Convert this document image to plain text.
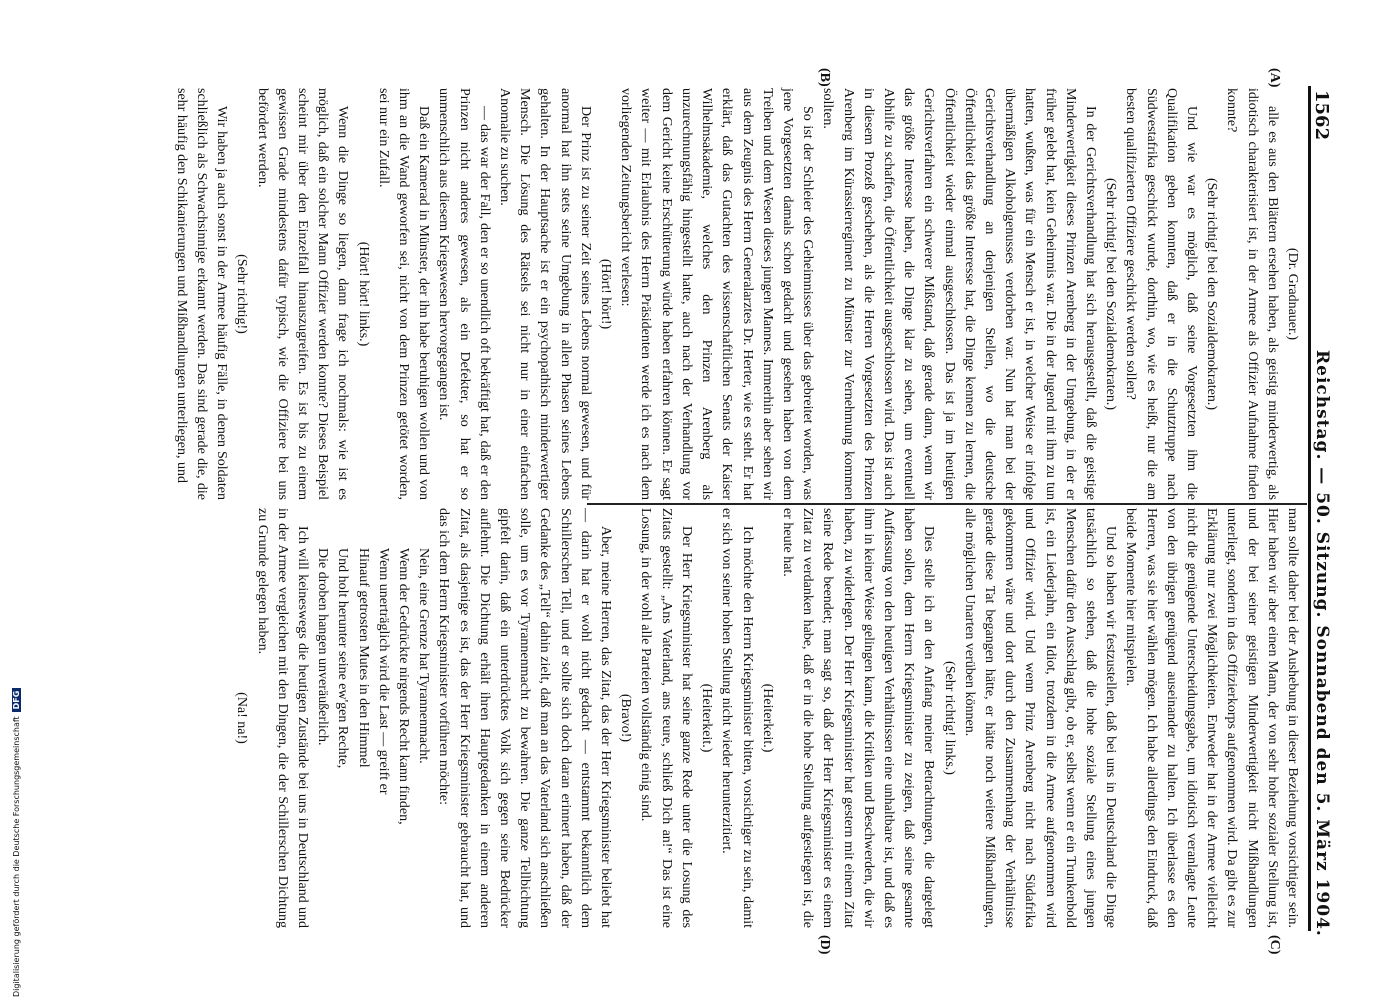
1562
Reichstag. — 50. Sitzung. Sonnabend den 5. März 1904.
(A)
(B)
(C)
(D)

(Dr. Gradnauer.)

alle es aus den Blättern ersehen haben, als geistig minderwertig, als idiotisch charakterisiert ist, in der Armee als Offizier Aufnahme finden konnte?

(Sehr richtig! bei den Sozialdemokraten.)

Und wie war es möglich, daß seine Vorgesetzten ihm die Qualifikation geben konnten, daß er in die Schutztruppe nach Südwestafrika geschickt wurde, dorthin, wo, wie es heißt, nur die am besten qualifizierten Offiziere geschickt werden sollen?

(Sehr richtig! bei den Sozialdemokraten.)

In der Gerichtsverhandlung hat sich herausgestellt, daß die geistige Minderwertigkeit dieses Prinzen Arenberg in der Umgebung, in der er früher gelebt hat, kein Geheimnis war. Die in der Jugend mit ihm zu tun hatten, wußten, was für ein Mensch er ist, in welcher Weise er infolge übermäßigen Alkoholgenusses verdorben war. Nun hat man bei der Gerichtsverhandlung an denjenigen Stellen, wo die deutsche Öffentlichkeit das größte Interesse hat, die Dinge kennen zu lernen, die Öffentlichkeit wieder einmal ausgeschlossen. Das ist ja im heutigen Gerichtsverfahren ein schwerer Mißstand, daß gerade dann, wenn wir das größte Interesse haben, die Dinge klar zu sehen, um eventuell Abhilfe zu schaffen, die Öffentlichkeit ausgeschlossen wird. Das ist auch in diesem Prozeß geschehen, als die Herren Vorgesetzten des Prinzen Arenberg im Kürassierregiment zu Münster zur Vernehmung kommen sollten.

So ist der Schleier des Geheimnisses über das gebreitet worden, was jene Vorgesetzten damals schon gedacht und gesehen haben von dem Treiben und dem Wesen dieses jungen Mannes. Immerhin aber sehen wir aus dem Zeugnis des Herrn Generalarztes Dr. Herter, wie es steht. Er hat erklärt, daß das Gutachten des wissenschaftlichen Senats der Kaiser Wilhelmsakademie, welches den Prinzen Arenberg als unzurechnungsfähig hingestellt hatte, auch nach der Verhandlung vor dem Gericht keine Erschütterung würde haben erfahren können. Er sagt weiter — mit Erlaubnis des Herrn Präsidenten werde ich es nach dem vorliegenden Zeitungsbericht verlesen:

(Hört! hört!)

Der Prinz ist zu seiner Zeit seines Lebens normal gewesen, und für anormal hat ihn stets seine Umgebung in allen Phasen seines Lebens gehalten. In der Hauptsache ist er ein psychopathisch minderwertiger Mensch. Die Lösung des Rätsels sei nicht nur in einer einfachen Anomalie zu suchen.

— das war der Fall, den er so unendlich oft bekräftigt hat, daß er den Prinzen nicht anderes gewesen, als ein Defekter, so hat er so unmenschlich aus diesem Kriegswesen hervorgegangen ist.

Daß ein Kamerad in Münster, der ihn habe beruhigen wollen und von ihm an die Wand geworfen sei, nicht von dem Prinzen getötet worden, sei nur ein Zufall.

(Hört! hört! links.)

Wenn die Dinge so liegen, dann frage ich nochmals: wie ist es möglich, daß ein solcher Mann Offizier werden konnte? Dieses Beispiel scheint mir über den Einzelfall hinauszugreifen. Es ist bis zu einem gewissen Grade mindestens dafür typisch, wie die Offiziere bei uns befördert werden.

(Sehr richtig!)

Wir haben ja auch sonst in der Armee häufig Fälle, in denen Soldaten schließlich als Schwachsinnige erkannt werden. Das sind gerade die, die sehr häufig den Schikanierungen und Mißhandlungen unterliegen, und

man sollte daher bei der Aushebung in dieser Beziehung vorsichtiger sein. Hier haben wir aber einen Mann, der von sehr hoher sozialer Stellung ist, und der bei seiner geistigen Minderwertigkeit nicht Mißhandlungen unterliegt, sondern in das Offizierkorps aufgenommen wird. Da gibt es zur Erklärung nur zwei Möglichkeiten. Entweder hat in der Armee vielleicht nicht die genügende Unterscheidungsgabe, um idiotisch veranlagte Leute von den übrigen genügend auseinander zu halten. Ich überlasse es den Herren, was sie hier wählen mögen. Ich habe allerdings den Eindruck, daß beide Momente hier mitspielen.

Und so haben wir festzustellen, daß bei uns in Deutschland die Dinge tatsächlich so stehen, daß die hohe soziale Stellung eines jungen Menschen dafür den Ausschlag gibt, ob er, selbst wenn er ein Trunkenbold ist, ein Liederjahn, ein Idiot, trotzdem in die Armee aufgenommen wird und Offizier wird. Und wenn Prinz Arenberg nicht nach Südafrika gekommen wäre und dort durch den Zusammenhang der Verhältnisse gerade diese Tat begangen hätte, er hätte noch weitere Mißhandlungen, alle möglichen Unarten verüben können.

(Sehr richtig! links.)

Dies stelle ich an den Anfang meiner Betrachtungen, die dargelegt haben sollen, dem Herrn Kriegsminister zu zeigen, daß seine gesamte Auffassung von den heutigen Verhältnissen eine unhaltbare ist, und daß es ihm in keiner Weise gelingen kann, die Kritiken und Beschwerden, die wir haben, zu widerlegen. Der Herr Kriegsminister hat gestern mit einem Zitat seine Rede beendet; man sagt so, daß der Herr Kriegsminister es einem Zitat zu verdanken habe, daß er in die hohe Stellung aufgestiegen ist, die er heute hat.

(Heiterkeit.)

Ich möchte den Herrn Kriegsminister bitten, vorsichtiger zu sein, damit er sich von seiner hohen Stellung nicht wieder herunterzitiert.

(Heiterkeit.)

Der Herr Kriegsminister hat seine ganze Rede unter die Losung des Zitats gestellt: „Ans Vaterland, ans teure, schließ Dich an!“ Das ist eine Losung, in der wohl alle Parteien vollständig einig sind.

(Bravo!)

Aber, meine Herren, das Zitat, das der Herr Kriegsminister beliebt hat — darin hat er wohl nicht gedacht — entstammt bekanntlich dem Schillerschen Tell, und er sollte sich doch daran erinnert haben, daß der Gedanke des „Tell“ dahin zielt, daß man an das Vaterland sich anschließen solle, um es vor Tyrannenmacht zu bewahren. Die ganze Tellbichtung gipfelt darin, daß ein unterdrücktes Volk sich gegen seine Bedrücker auflehnt. Die Dichtung erhält ihren Hauptgedanken in einem anderen Zitat, als dasjenige es ist, das der Herr Kriegsminister gebraucht hat, und das ich dem Herrn Kriegsminister vorführen möchte:

Nein, eine Grenze hat Tyrannenmacht.

Wenn der Gedrückte nirgends Recht kann finden,

Wenn unerträglich wird die Last — greift er

Hinauf getrosten Mutes in den Himmel

Und holt herunter seine ew'gen Rechte,

Die droben hangen unveräußerlich.

Ich will keineswegs die heutigen Zustände bei uns in Deutschland und in der Armee vergleichen mit den Dingen, die der Schillerschen Dichtung zu Grunde gelegen haben.

(Na! na!)

Digitalisierung gefördert durch die Deutsche ForschungsgemeinschaftDFG
